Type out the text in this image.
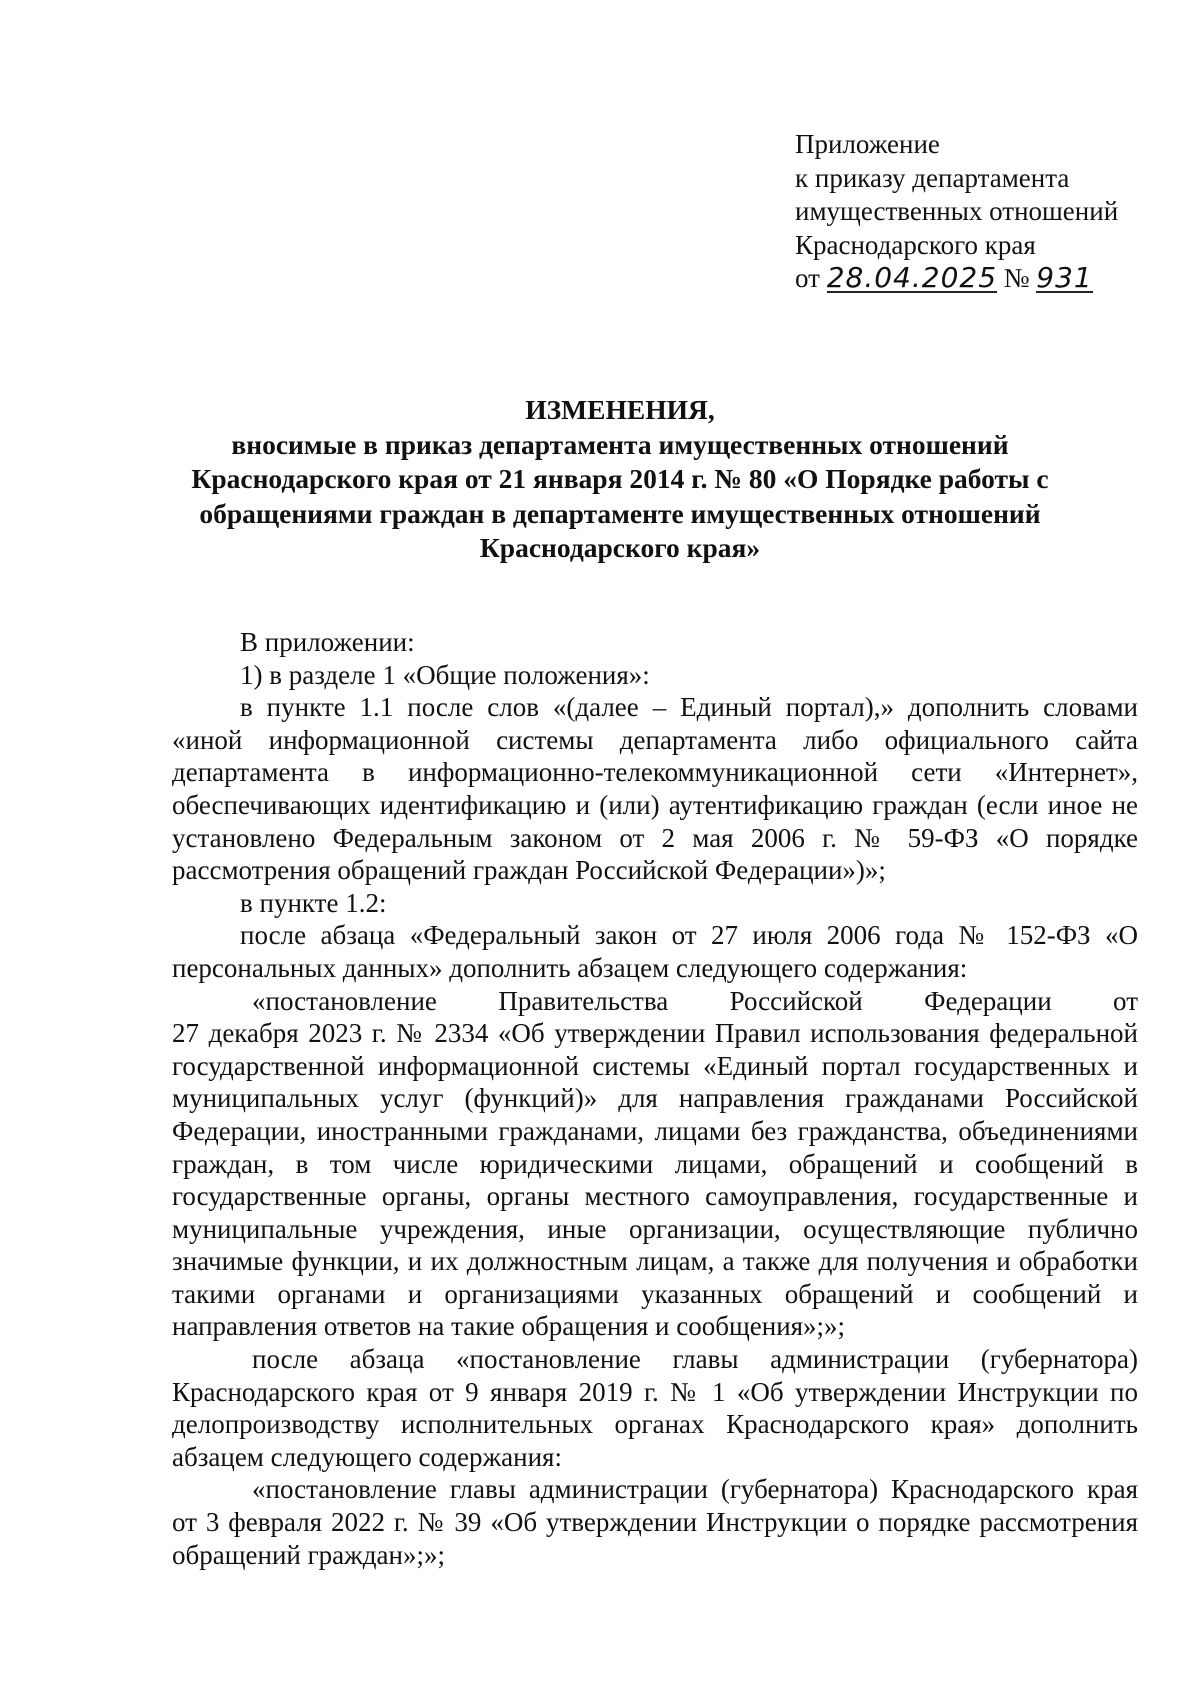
Приложение
к приказу департамента
имущественных отношений
Краснодарского края
от 28.04.2025 № 931
ИЗМЕНЕНИЯ,
вносимые в приказ департамента имущественных отношений
Краснодарского края от 21 января 2014 г. № 80 «О Порядке работы с
обращениями граждан в департаменте имущественных отношений
Краснодарского края»

В приложении:

1) в разделе 1 «Общие положения»:

в пункте 1.1 после слов «(далее – Единый портал),» дополнить словами «иной информационной системы департамента либо официального сайта департамента в информационно-телекоммуникационной сети «Интернет», обеспечивающих идентификацию и (или) аутентификацию граждан (если иное не установлено Федеральным законом от 2 мая 2006 г. № 59-ФЗ «О порядке рассмотрения обращений граждан Российской Федерации»)»;

в пункте 1.2:

после абзаца «Федеральный закон от 27 июля 2006 года № 152-ФЗ «О персональных данных» дополнить абзацем следующего содержания:

«постановление Правительства Российской Федерации от

27 декабря 2023 г. № 2334 «Об утверждении Правил использования федеральной государственной информационной системы «Единый портал государственных и муниципальных услуг (функций)» для направления гражданами Российской Федерации, иностранными гражданами, лицами без гражданства, объединениями граждан, в том числе юридическими лицами, обращений и сообщений в государственные органы, органы местного самоуправления, государственные и муниципальные учреждения, иные организации, осуществляющие публично значимые функции, и их должностным лицам, а также для получения и обработки такими органами и организациями указанных обращений и сообщений и направления ответов на такие обращения и сообщения»;»;

после абзаца «постановление главы администрации (губернатора) Краснодарского края от 9 января 2019 г. № 1 «Об утверждении Инструкции по делопроизводству исполнительных органах Краснодарского края» дополнить абзацем следующего содержания:

«постановление главы администрации (губернатора) Краснодарского края от 3 февраля 2022 г. № 39 «Об утверждении Инструкции о порядке рассмотрения обращений граждан»;»;
